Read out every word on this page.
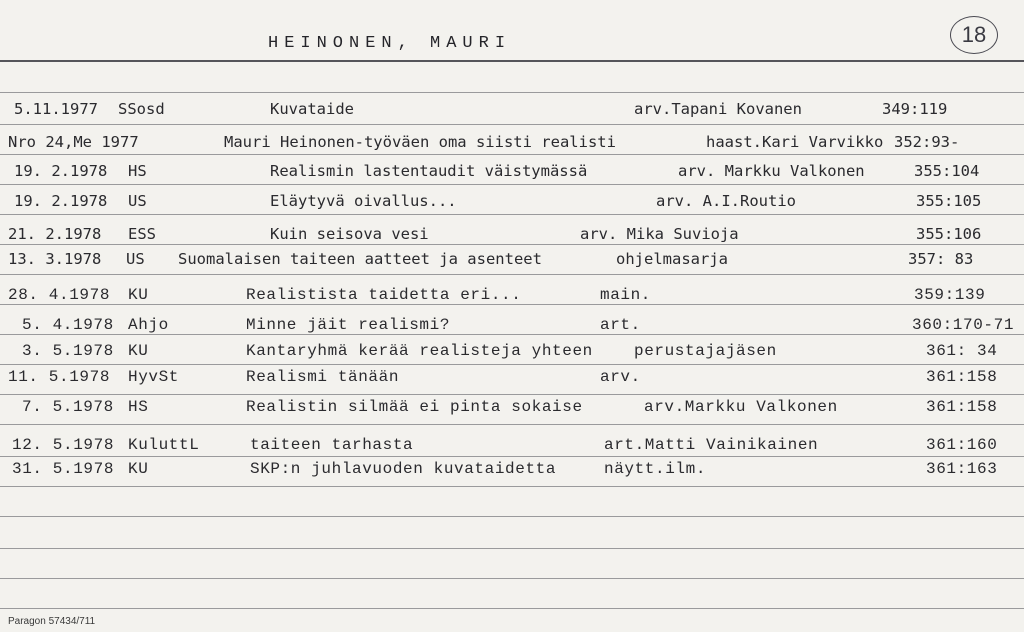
HEINONEN, MAURI	18
5.11.1977 SSosd	Kuvataide	arv.Tapani Kovanen	349:119
Nro 24,Me 1977	Mauri Heinonen-työväen oma siisti realisti	haast.Kari Varvikko 352:93-
19. 2.1978 HS	Realismin lastentaudit väistymässä	arv. Markku Valkonen	355:104
19. 2.1978 US	Eläytyvä oivallus...	arv. A.I.Routio	355:105
21. 2.1978 ESS	Kuin seisova vesi	arv. Mika Suvioja	355:106
13. 3.1978 US Suomalaisen taiteen aatteet ja asenteet	ohjelmasarja	357: 83
28. 4.1978 KU	Realistista taidetta eri...	main.	359:139
5. 4.1978 Ahjo	Minne jäit realismi?	art.	360:170-71
3. 5.1978 KU	Kantaryhmä kerää realisteja yhteen	perustajajäsen	361: 34
11. 5.1978 HyvSt	Realismi tänään	arv.	361:158
7. 5.1978 HS	Realistin silmää ei pinta sokaise	arv.Markku Valkonen	361:158
12. 5.1978 KuluttL	taiteen tarhasta	art.Matti Vainikainen	361:160
31. 5.1978 KU	SKP:n juhlavuoden kuvataidetta	näytt.ilm.	361:163
Paragon 57434/711
